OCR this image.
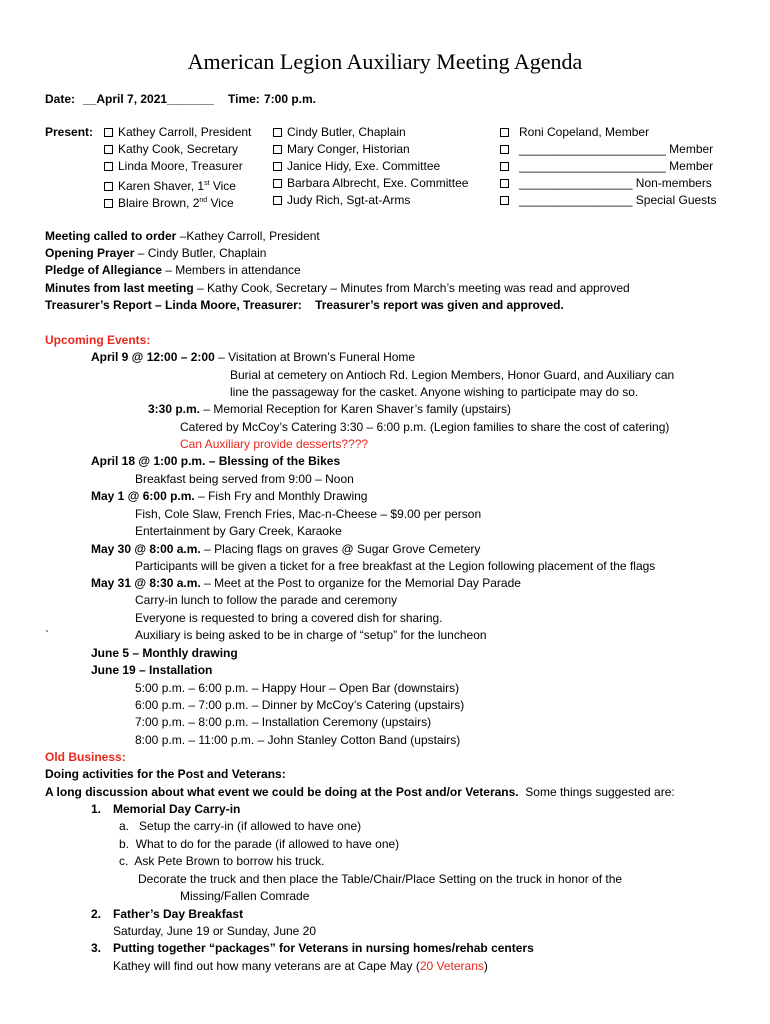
American Legion Auxiliary Meeting Agenda
Date: __April 7, 2021_______ Time: 7:00 p.m.
Present:	Kathey Carroll, President
Kathy Cook, Secretary
Linda Moore, Treasurer
Karen Shaver, 1st Vice
Blaire Brown, 2nd Vice
Cindy Butler, Chaplain
Mary Conger, Historian
Janice Hidy, Exe. Committee
Barbara Albrecht, Exe. Committee
Judy Rich, Sgt-at-Arms
Roni Copeland, Member
______________________ Member
______________________ Member
_________________ Non-members
_________________ Special Guests
Meeting called to order –Kathey Carroll, President
Opening Prayer – Cindy Butler, Chaplain
Pledge of Allegiance – Members in attendance
Minutes from last meeting – Kathy Cook, Secretary – Minutes from March’s meeting was read and approved
Treasurer’s Report – Linda Moore, Treasurer:    Treasurer’s report was given and approved.
Upcoming Events:
April 9 @ 12:00 – 2:00 – Visitation at Brown’s Funeral Home
Burial at cemetery on Antioch Rd. Legion Members, Honor Guard, and Auxiliary can
line the passageway for the casket. Anyone wishing to participate may do so.
3:30 p.m. – Memorial Reception for Karen Shaver’s family (upstairs)
Catered by McCoy’s Catering 3:30 – 6:00 p.m. (Legion families to share the cost of catering)
Can Auxiliary provide desserts????
April 18 @ 1:00 p.m. – Blessing of the Bikes
Breakfast being served from 9:00 – Noon
May 1 @ 6:00 p.m. – Fish Fry and Monthly Drawing
Fish, Cole Slaw, French Fries, Mac-n-Cheese – $9.00 per person
Entertainment by Gary Creek, Karaoke
May 30 @ 8:00 a.m. – Placing flags on graves @ Sugar Grove Cemetery
Participants will be given a ticket for a free breakfast at the Legion following placement of the flags
May 31 @ 8:30 a.m. – Meet at the Post to organize for the Memorial Day Parade
Carry-in lunch to follow the parade and ceremony
Everyone is requested to bring a covered dish for sharing.
`	Auxiliary is being asked to be in charge of “setup” for the luncheon
June 5 – Monthly drawing
June 19 – Installation
5:00 p.m. – 6:00 p.m. – Happy Hour – Open Bar (downstairs)
6:00 p.m. – 7:00 p.m. – Dinner by McCoy’s Catering (upstairs)
7:00 p.m. – 8:00 p.m. – Installation Ceremony (upstairs)
8:00 p.m. – 11:00 p.m. – John Stanley Cotton Band (upstairs)
Old Business:
Doing activities for the Post and Veterans:
A long discussion about what event we could be doing at the Post and/or Veterans.  Some things suggested are:
1. Memorial Day Carry-in
a.   Setup the carry-in (if allowed to have one)
b.  What to do for the parade (if allowed to have one)
c.  Ask Pete Brown to borrow his truck.
Decorate the truck and then place the Table/Chair/Place Setting on the truck in honor of the
Missing/Fallen Comrade
2. Father’s Day Breakfast
Saturday, June 19 or Sunday, June 20
3. Putting together “packages” for Veterans in nursing homes/rehab centers
Kathey will find out how many veterans are at Cape May (20 Veterans)
